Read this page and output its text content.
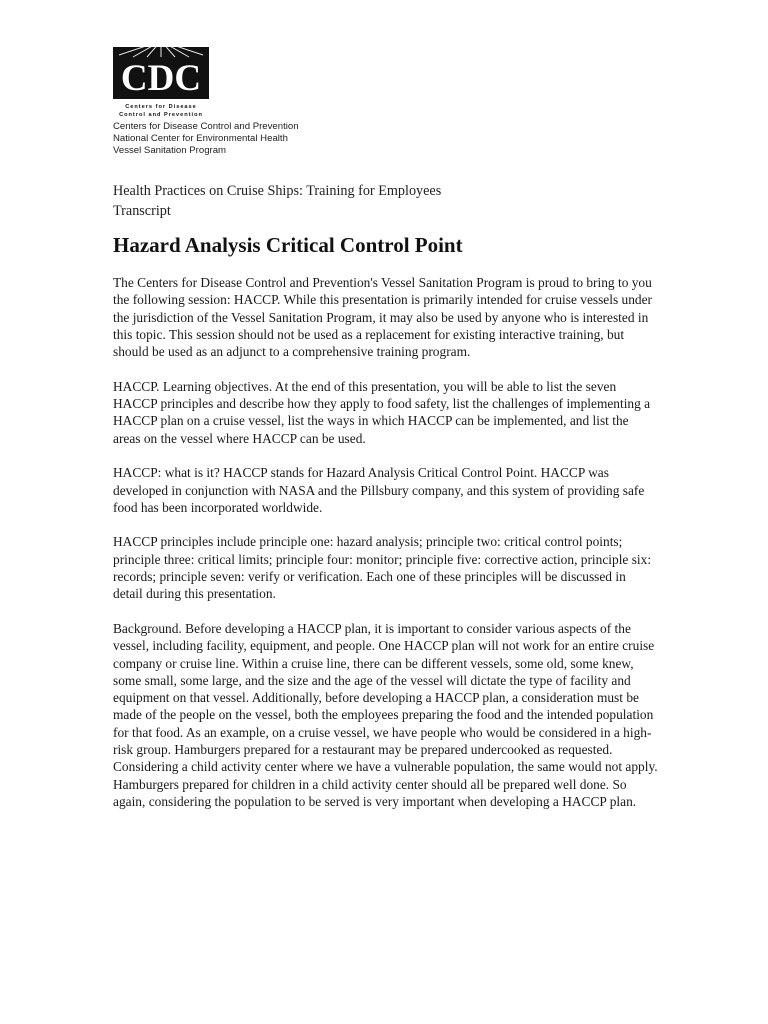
CDC
Centers for Disease
Control and Prevention
Centers for Disease Control and Prevention
National Center for Environmental Health
Vessel Sanitation Program
Health Practices on Cruise Ships: Training for Employees
Transcript
Hazard Analysis Critical Control Point

The Centers for Disease Control and Prevention's Vessel Sanitation Program is proud to bring to you the following session: HACCP. While this presentation is primarily intended for cruise vessels under the jurisdiction of the Vessel Sanitation Program, it may also be used by anyone who is interested in this topic. This session should not be used as a replacement for existing interactive training, but should be used as an adjunct to a comprehensive training program.

HACCP. Learning objectives. At the end of this presentation, you will be able to list the seven HACCP principles and describe how they apply to food safety, list the challenges of implementing a HACCP plan on a cruise vessel, list the ways in which HACCP can be implemented, and list the areas on the vessel where HACCP can be used.

HACCP: what is it? HACCP stands for Hazard Analysis Critical Control Point. HACCP was developed in conjunction with NASA and the Pillsbury company, and this system of providing safe food has been incorporated worldwide.

HACCP principles include principle one: hazard analysis; principle two: critical control points; principle three: critical limits; principle four: monitor; principle five: corrective action, principle six: records; principle seven: verify or verification. Each one of these principles will be discussed in detail during this presentation.

Background. Before developing a HACCP plan, it is important to consider various aspects of the vessel, including facility, equipment, and people. One HACCP plan will not work for an entire cruise company or cruise line. Within a cruise line, there can be different vessels, some old, some knew, some small, some large, and the size and the age of the vessel will dictate the type of facility and equipment on that vessel. Additionally, before developing a HACCP plan, a consideration must be made of the people on the vessel, both the employees preparing the food and the intended population for that food. As an example, on a cruise vessel, we have people who would be considered in a high-risk group. Hamburgers prepared for a restaurant may be prepared undercooked as requested. Considering a child activity center where we have a vulnerable population, the same would not apply. Hamburgers prepared for children in a child activity center should all be prepared well done. So again, considering the population to be served is very important when developing a HACCP plan.
